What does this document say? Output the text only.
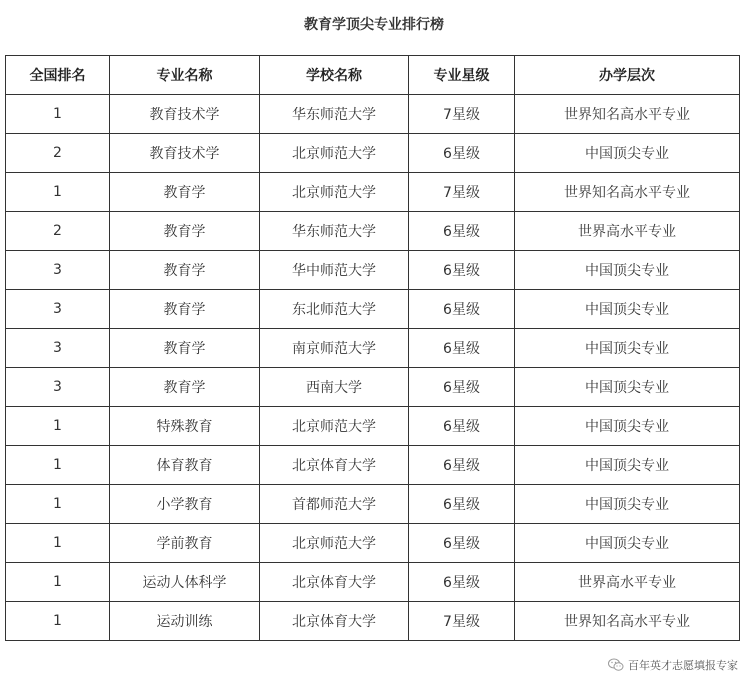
教育学顶尖专业排行榜
全国排名	专业名称	学校名称	专业星级	办学层次
1	教育技术学	华东师范大学	7星级	世界知名高水平专业
2	教育技术学	北京师范大学	6星级	中国顶尖专业
1	教育学	北京师范大学	7星级	世界知名高水平专业
2	教育学	华东师范大学	6星级	世界高水平专业
3	教育学	华中师范大学	6星级	中国顶尖专业
3	教育学	东北师范大学	6星级	中国顶尖专业
3	教育学	南京师范大学	6星级	中国顶尖专业
3	教育学	西南大学	6星级	中国顶尖专业
1	特殊教育	北京师范大学	6星级	中国顶尖专业
1	体育教育	北京体育大学	6星级	中国顶尖专业
1	小学教育	首都师范大学	6星级	中国顶尖专业
1	学前教育	北京师范大学	6星级	中国顶尖专业
1	运动人体科学	北京体育大学	6星级	世界高水平专业
1	运动训练	北京体育大学	7星级	世界知名高水平专业
百年英才志愿填报专家
